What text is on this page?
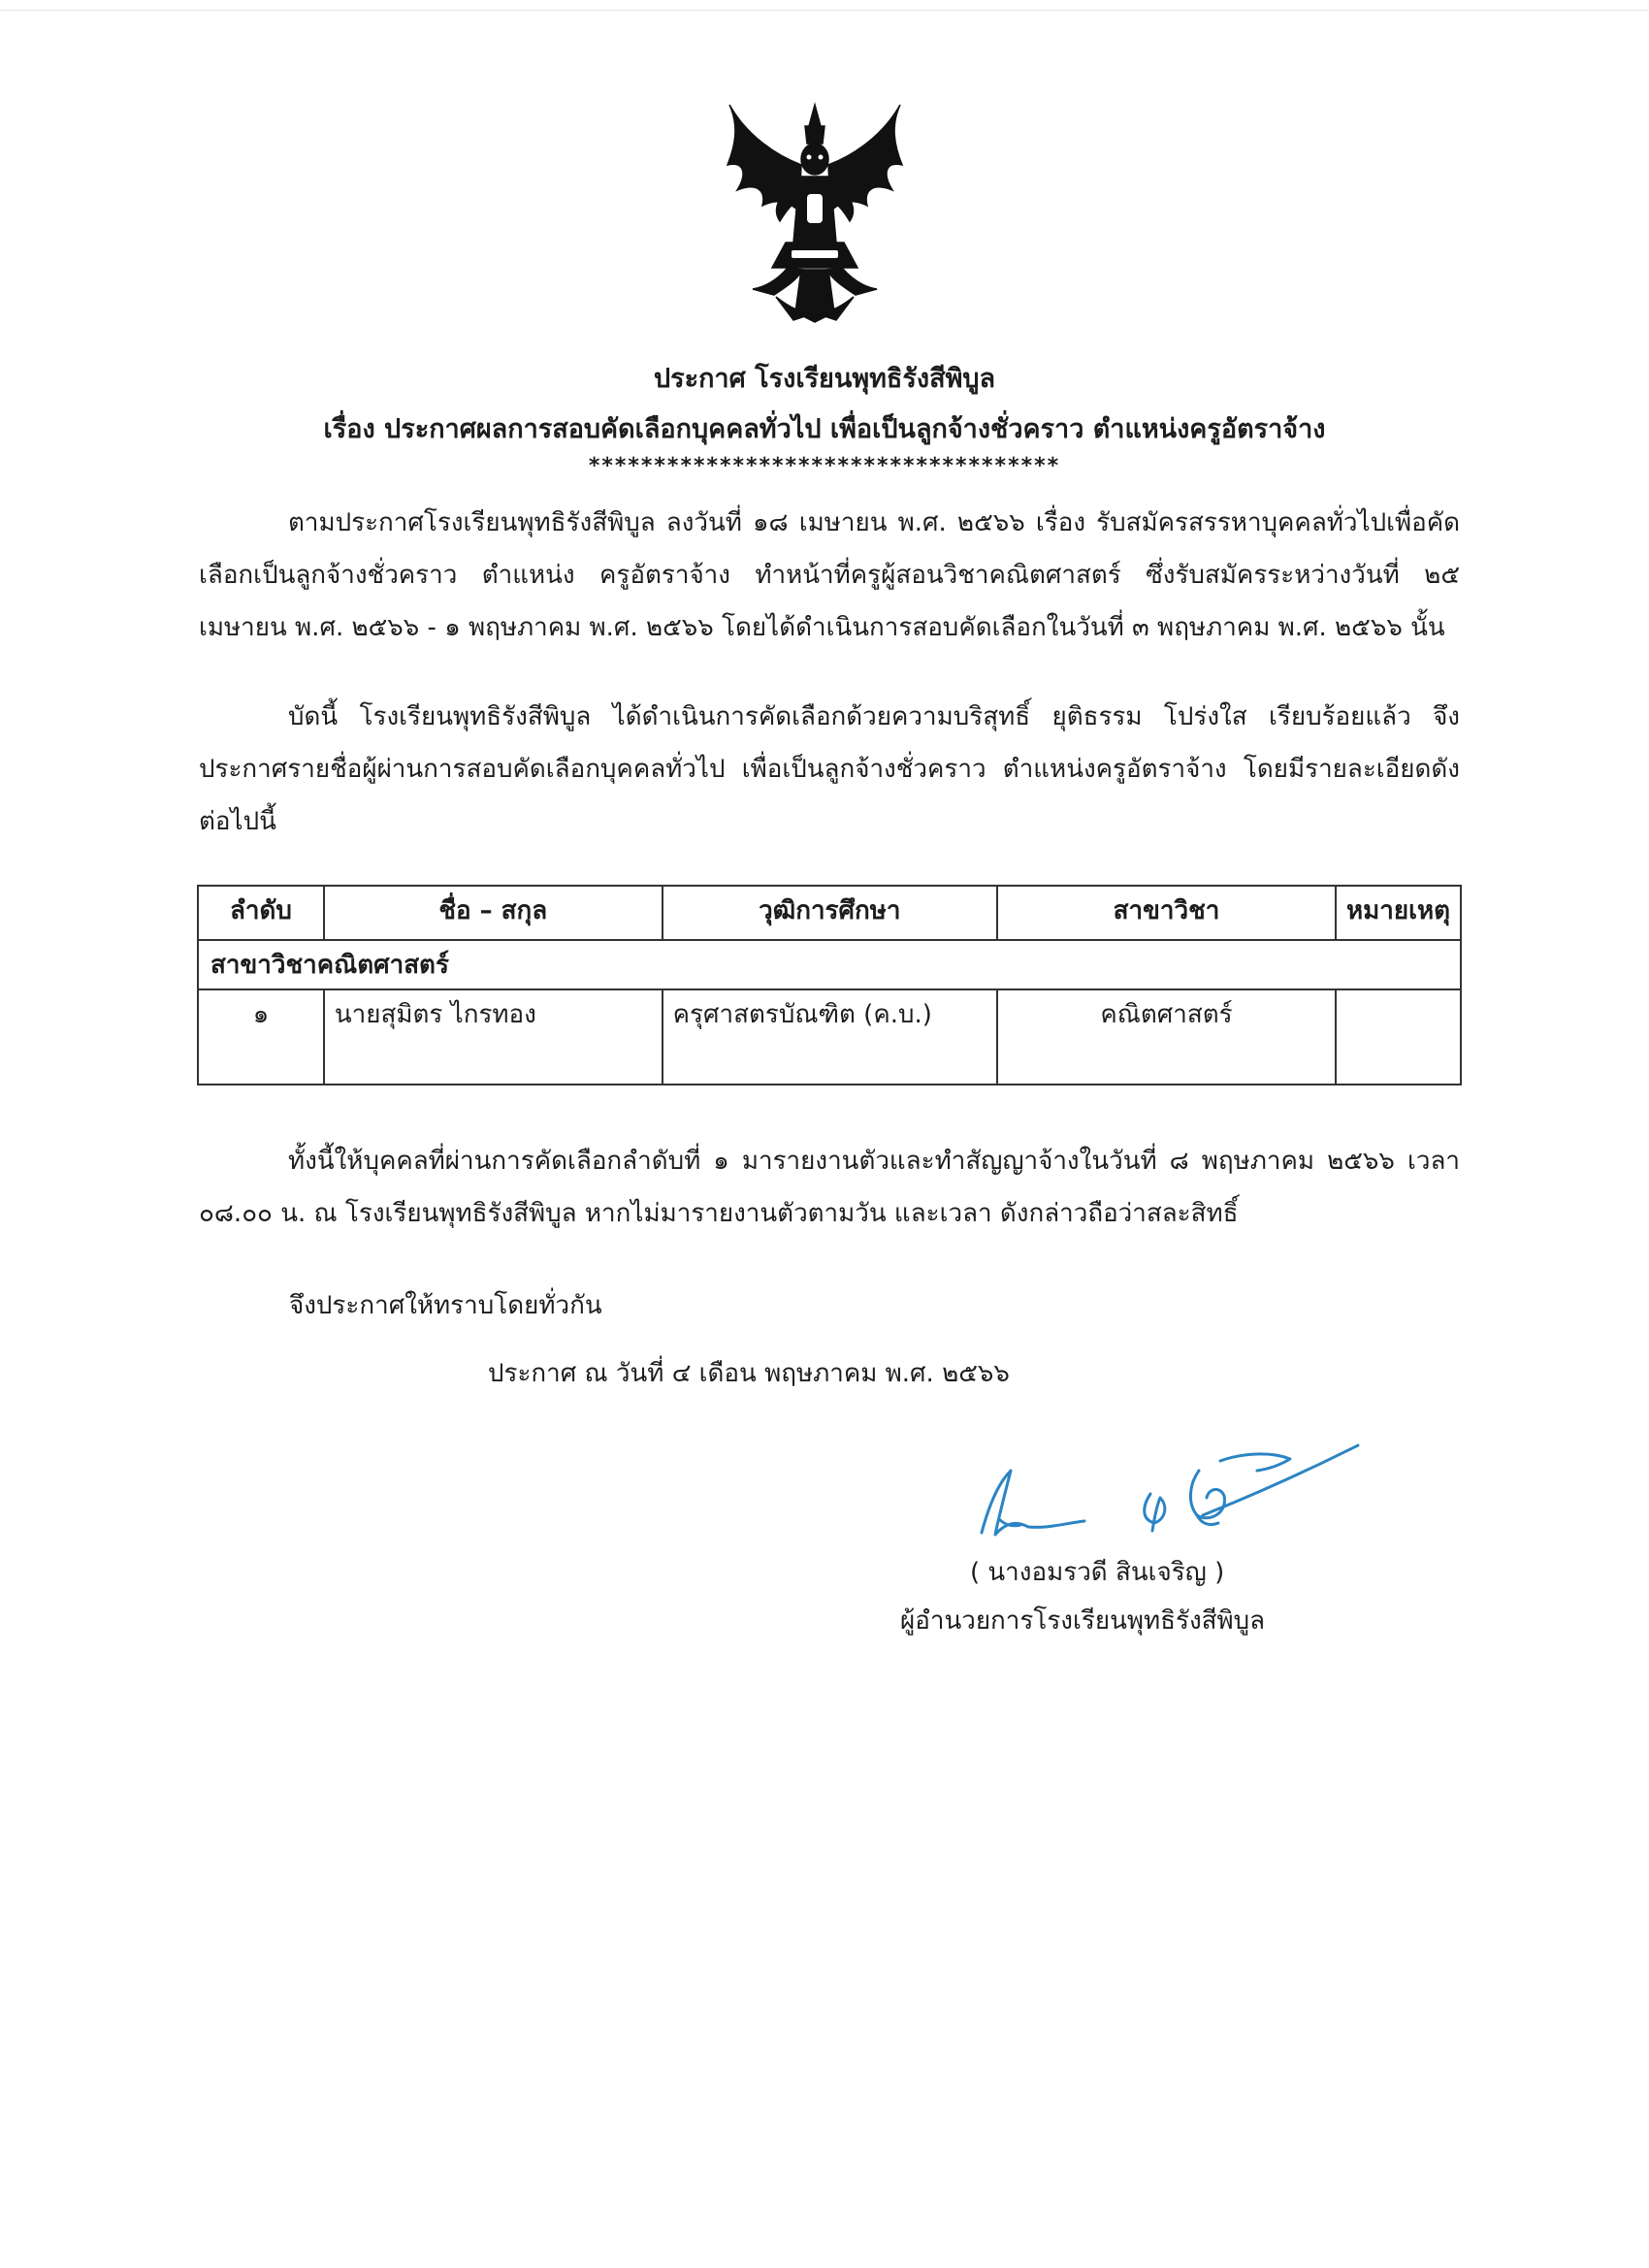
ประกาศ โรงเรียนพุทธิรังสีพิบูล
เรื่อง ประกาศผลการสอบคัดเลือกบุคคลทั่วไป เพื่อเป็นลูกจ้างชั่วคราว ตำแหน่งครูอัตราจ้าง
************************************
ตามประกาศโรงเรียนพุทธิรังสีพิบูล ลงวันที่ ๑๘ เมษายน พ.ศ. ๒๕๖๖ เรื่อง รับสมัครสรรหาบุคคลทั่วไปเพื่อคัดเลือกเป็นลูกจ้างชั่วคราว ตำแหน่ง ครูอัตราจ้าง ทำหน้าที่ครูผู้สอนวิชาคณิตศาสตร์ ซึ่งรับสมัครระหว่างวันที่ ๒๕ เมษายน พ.ศ. ๒๕๖๖ - ๑ พฤษภาคม พ.ศ. ๒๕๖๖ โดยได้ดำเนินการสอบคัดเลือกในวันที่ ๓ พฤษภาคม พ.ศ. ๒๕๖๖ นั้น
บัดนี้ โรงเรียนพุทธิรังสีพิบูล ได้ดำเนินการคัดเลือกด้วยความบริสุทธิ์ ยุติธรรม โปร่งใส เรียบร้อยแล้ว จึงประกาศรายชื่อผู้ผ่านการสอบคัดเลือกบุคคลทั่วไป เพื่อเป็นลูกจ้างชั่วคราว ตำแหน่งครูอัตราจ้าง โดยมีรายละเอียดดังต่อไปนี้
ลำดับ	ชื่อ – สกุล	วุฒิการศึกษา	สาขาวิชา	หมายเหตุ
สาขาวิชาคณิตศาสตร์				
๑	นายสุมิตร ไกรทอง	ครุศาสตรบัณฑิต (ค.บ.)	คณิตศาสตร์	
ทั้งนี้ให้บุคคลที่ผ่านการคัดเลือกลำดับที่ ๑ มารายงานตัวและทำสัญญาจ้างในวันที่ ๘ พฤษภาคม ๒๕๖๖ เวลา ๐๘.๐๐ น. ณ โรงเรียนพุทธิรังสีพิบูล หากไม่มารายงานตัวตามวัน และเวลา ดังกล่าวถือว่าสละสิทธิ์
จึงประกาศให้ทราบโดยทั่วกัน
ประกาศ ณ วันที่ ๔ เดือน พฤษภาคม พ.ศ. ๒๕๖๖
( นางอมรวดี สินเจริญ )
ผู้อำนวยการโรงเรียนพุทธิรังสีพิบูล
